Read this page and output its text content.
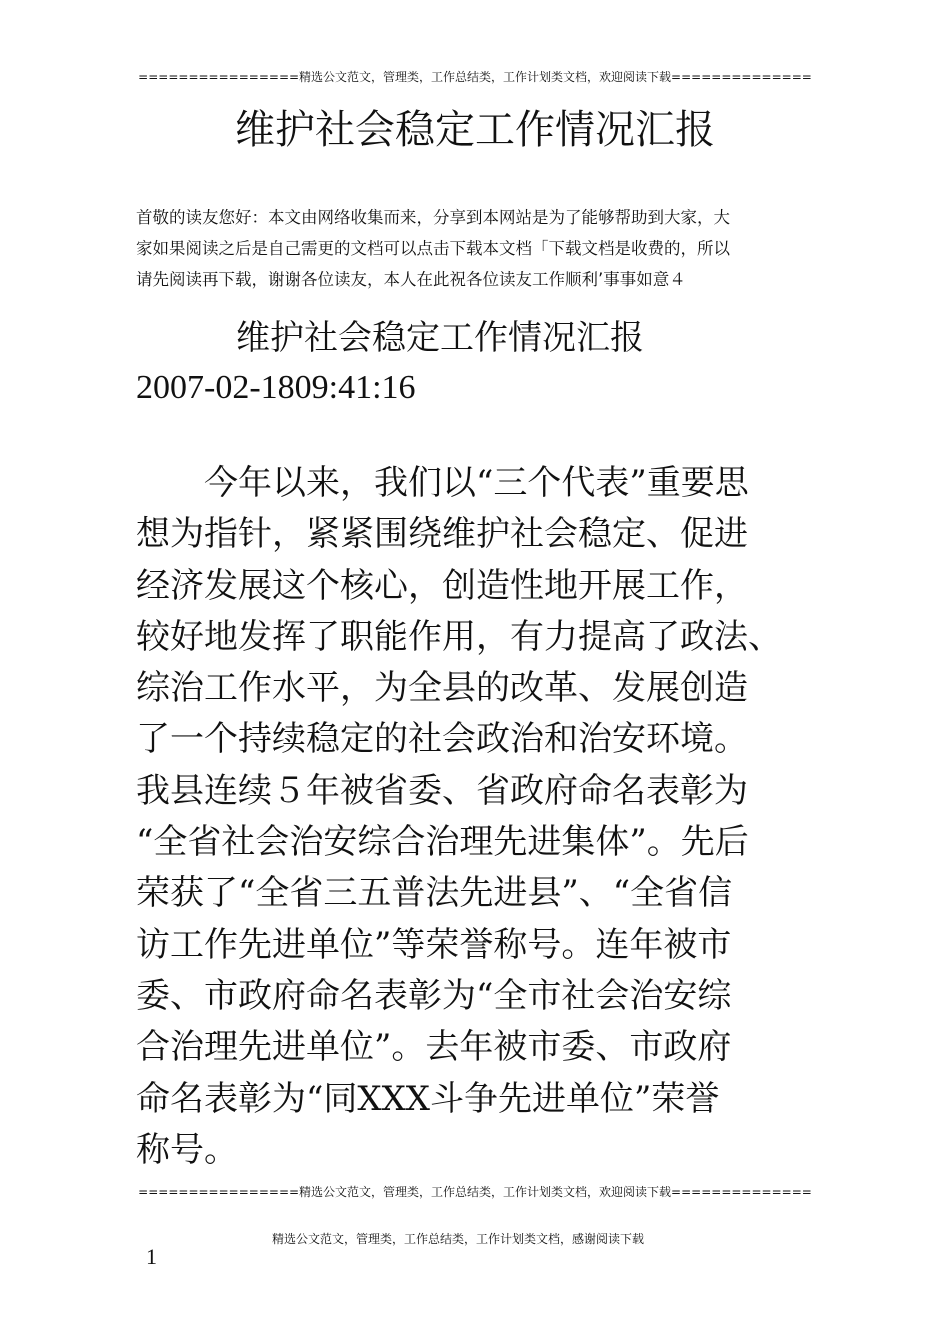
================精选公文范文，管理类，工作总结类，工作计划类文档，欢迎阅读下载==============
维护社会稳定工作情况汇报
首敬的读友您好：本文由网络收集而来，分享到本网站是为了能够帮助到大家，大
家如果阅读之后是自己需更的文档可以点击下载本文档「下载文档是收费的，所以
请先阅读再下载，谢谢各位读友，本人在此祝各位读友工作顺利’事事如意４
维护社会稳定工作情况汇报
2007-02-1809:41:16
　　今年以来，我们以“三个代表”重要思
想为指针，紧紧围绕维护社会稳定、促进
经济发展这个核心，创造性地开展工作，
较好地发挥了职能作用，有力提高了政法、
综治工作水平，为全县的改革、发展创造
了一个持续稳定的社会政治和治安环境。
我县连续５年被省委、省政府命名表彰为
“全省社会治安综合治理先进集体”。先后
荣获了“全省三五普法先进县”、“全省信
访工作先进单位”等荣誉称号。连年被市
委、市政府命名表彰为“全市社会治安综
合治理先进单位”。去年被市委、市政府
命名表彰为“同XXX斗争先进单位”荣誉
称号。
================精选公文范文，管理类，工作总结类，工作计划类文档，欢迎阅读下载==============
精选公文范文，管理类，工作总结类，工作计划类文档，感谢阅读下载
1
